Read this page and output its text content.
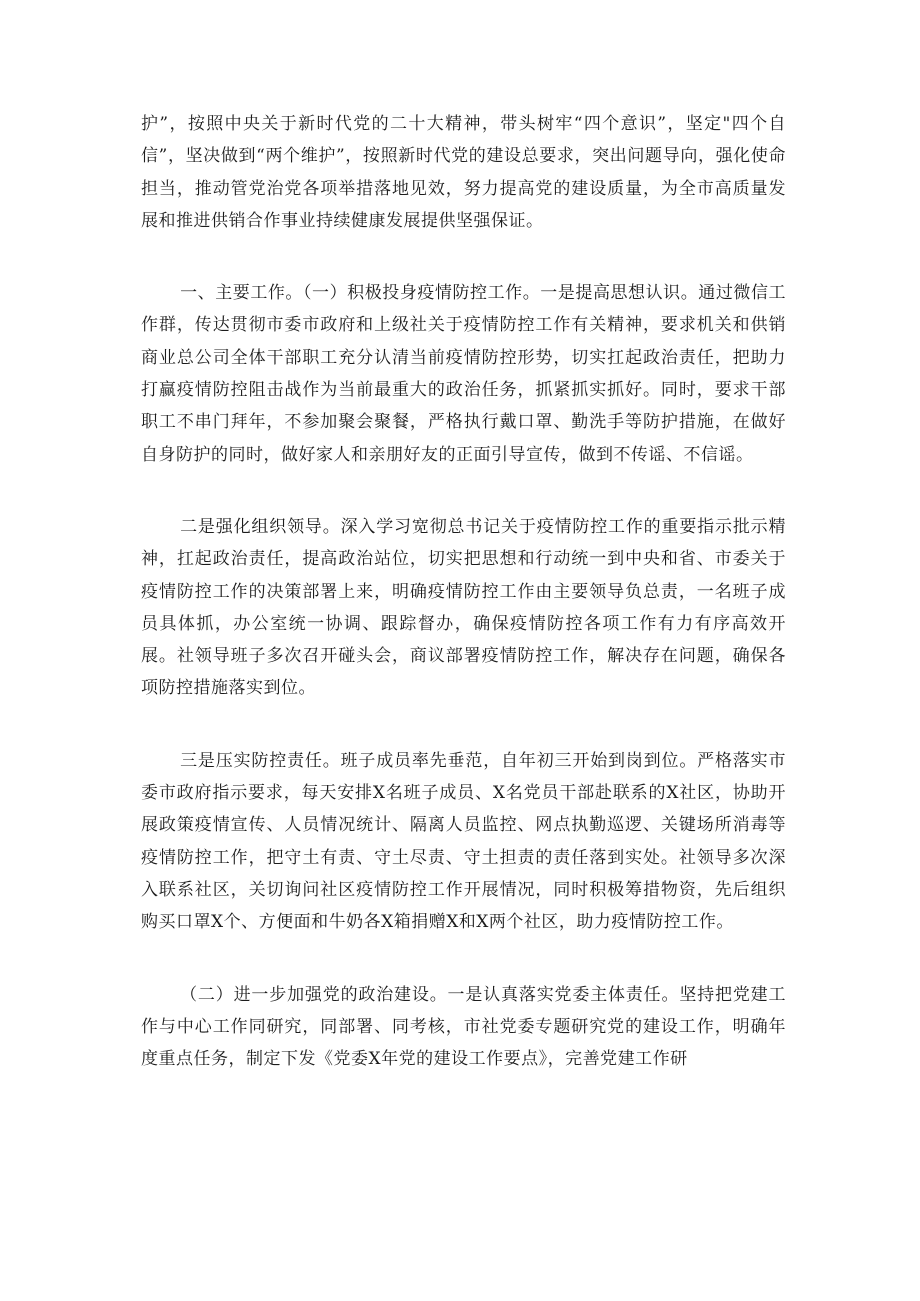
护”，按照中央关于新时代党的二十大精神，带头树牢“四个意识”，坚定"四个自信”，坚决做到“两个维护”，按照新时代党的建设总要求，突出问题导向，强化使命担当，推动管党治党各项举措落地见效，努力提高党的建设质量，为全市高质量发展和推进供销合作事业持续健康发展提供坚强保证。

一、主要工作。（一）积极投身疫情防控工作。一是提高思想认识。通过微信工作群，传达贯彻市委市政府和上级社关于疫情防控工作有关精神，要求机关和供销商业总公司全体干部职工充分认清当前疫情防控形势，切实扛起政治责任，把助力打赢疫情防控阻击战作为当前最重大的政治任务，抓紧抓实抓好。同时，要求干部职工不串门拜年，不参加聚会聚餐，严格执行戴口罩、勤洗手等防护措施，在做好自身防护的同时，做好家人和亲朋好友的正面引导宣传，做到不传谣、不信谣。

二是强化组织领导。深入学习宽彻总书记关于疫情防控工作的重要指示批示精神，扛起政治责任，提高政治站位，切实把思想和行动统一到中央和省、市委关于疫情防控工作的决策部署上来，明确疫情防控工作由主要领导负总责，一名班子成员具体抓，办公室统一协调、跟踪督办，确保疫情防控各项工作有力有序高效开展。社领导班子多次召开碰头会，商议部署疫情防控工作，解决存在问题，确保各项防控措施落实到位。

三是压实防控责任。班子成员率先垂范，自年初三开始到岗到位。严格落实市委市政府指示要求，每天安排X名班子成员、X名党员干部赴联系的X社区，协助开展政策疫情宣传、人员情况统计、隔离人员监控、网点执勤巡逻、关键场所消毒等疫情防控工作，把守土有责、守土尽责、守土担责的责任落到实处。社领导多次深入联系社区，关切询问社区疫情防控工作开展情况，同时积极筹措物资，先后组织购买口罩X个、方便面和牛奶各X箱捐赠X和X两个社区，助力疫情防控工作。

（二）进一步加强党的政治建设。一是认真落实党委主体责任。坚持把党建工作与中心工作同研究，同部署、同考核，市社党委专题研究党的建设工作，明确年度重点任务，制定下发《党委X年党的建设工作要点》，完善党建工作研
